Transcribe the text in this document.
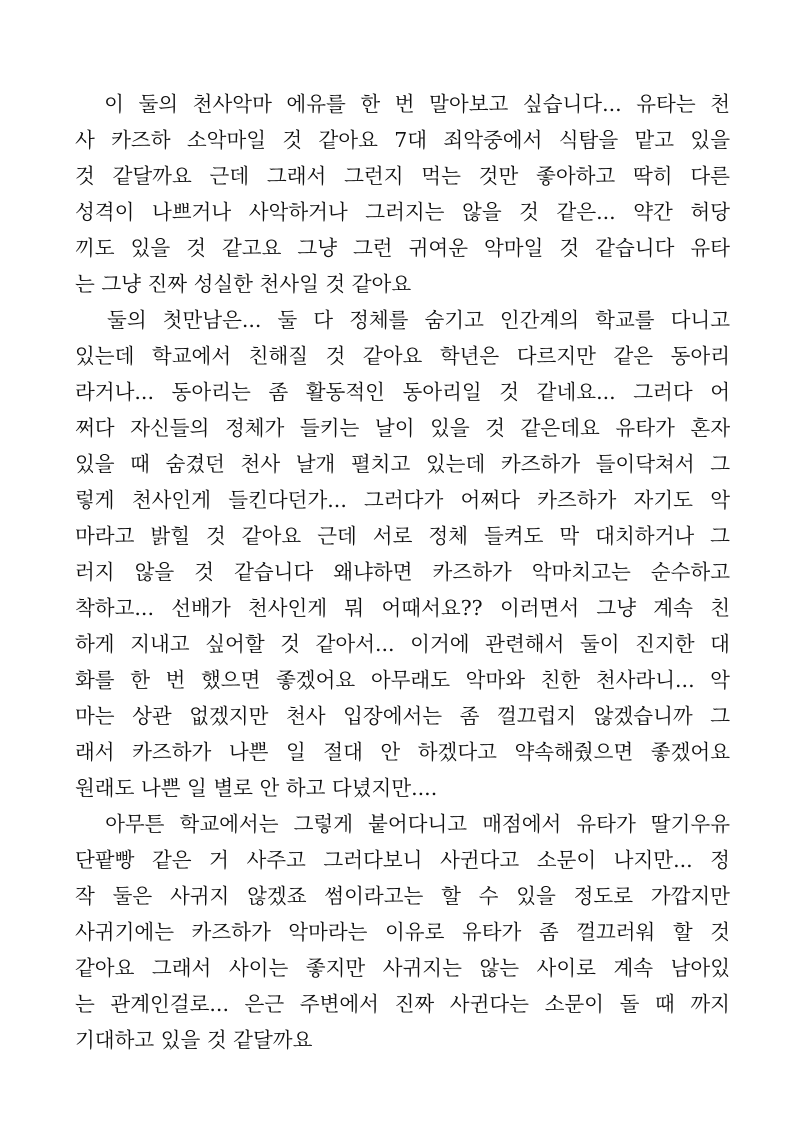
이 둘의 천사악마 에유를 한 번 말아보고 싶습니다... 유타는 천
사 카즈하 소악마일 것 같아요 7대 죄악중에서 식탐을 맡고 있을
것 같달까요 근데 그래서 그런지 먹는 것만 좋아하고 딱히 다른
성격이 나쁘거나 사악하거나 그러지는 않을 것 같은... 약간 허당
끼도 있을 것 같고요 그냥 그런 귀여운 악마일 것 같습니다 유타
는 그냥 진짜 성실한 천사일 것 같아요
둘의 첫만남은... 둘 다 정체를 숨기고 인간계의 학교를 다니고
있는데 학교에서 친해질 것 같아요 학년은 다르지만 같은 동아리
라거나... 동아리는 좀 활동적인 동아리일 것 같네요... 그러다 어
쩌다 자신들의 정체가 들키는 날이 있을 것 같은데요 유타가 혼자
있을 때 숨겼던 천사 날개 펼치고 있는데 카즈하가 들이닥쳐서 그
렇게 천사인게 들킨다던가... 그러다가 어쩌다 카즈하가 자기도 악
마라고 밝힐 것 같아요 근데 서로 정체 들켜도 막 대치하거나 그
러지 않을 것 같습니다 왜냐하면 카즈하가 악마치고는 순수하고
착하고... 선배가 천사인게 뭐 어때서요?? 이러면서 그냥 계속 친
하게 지내고 싶어할 것 같아서... 이거에 관련해서 둘이 진지한 대
화를 한 번 했으면 좋겠어요 아무래도 악마와 친한 천사라니... 악
마는 상관 없겠지만 천사 입장에서는 좀 껄끄럽지 않겠습니까 그
래서 카즈하가 나쁜 일 절대 안 하겠다고 약속해줬으면 좋겠어요
원래도 나쁜 일 별로 안 하고 다녔지만....
아무튼 학교에서는 그렇게 붙어다니고 매점에서 유타가 딸기우유
단팥빵 같은 거 사주고 그러다보니 사귄다고 소문이 나지만... 정
작 둘은 사귀지 않겠죠 썸이라고는 할 수 있을 정도로 가깝지만
사귀기에는 카즈하가 악마라는 이유로 유타가 좀 껄끄러워 할 것
같아요 그래서 사이는 좋지만 사귀지는 않는 사이로 계속 남아있
는 관계인걸로... 은근 주변에서 진짜 사귄다는 소문이 돌 때 까지
기대하고 있을 것 같달까요
